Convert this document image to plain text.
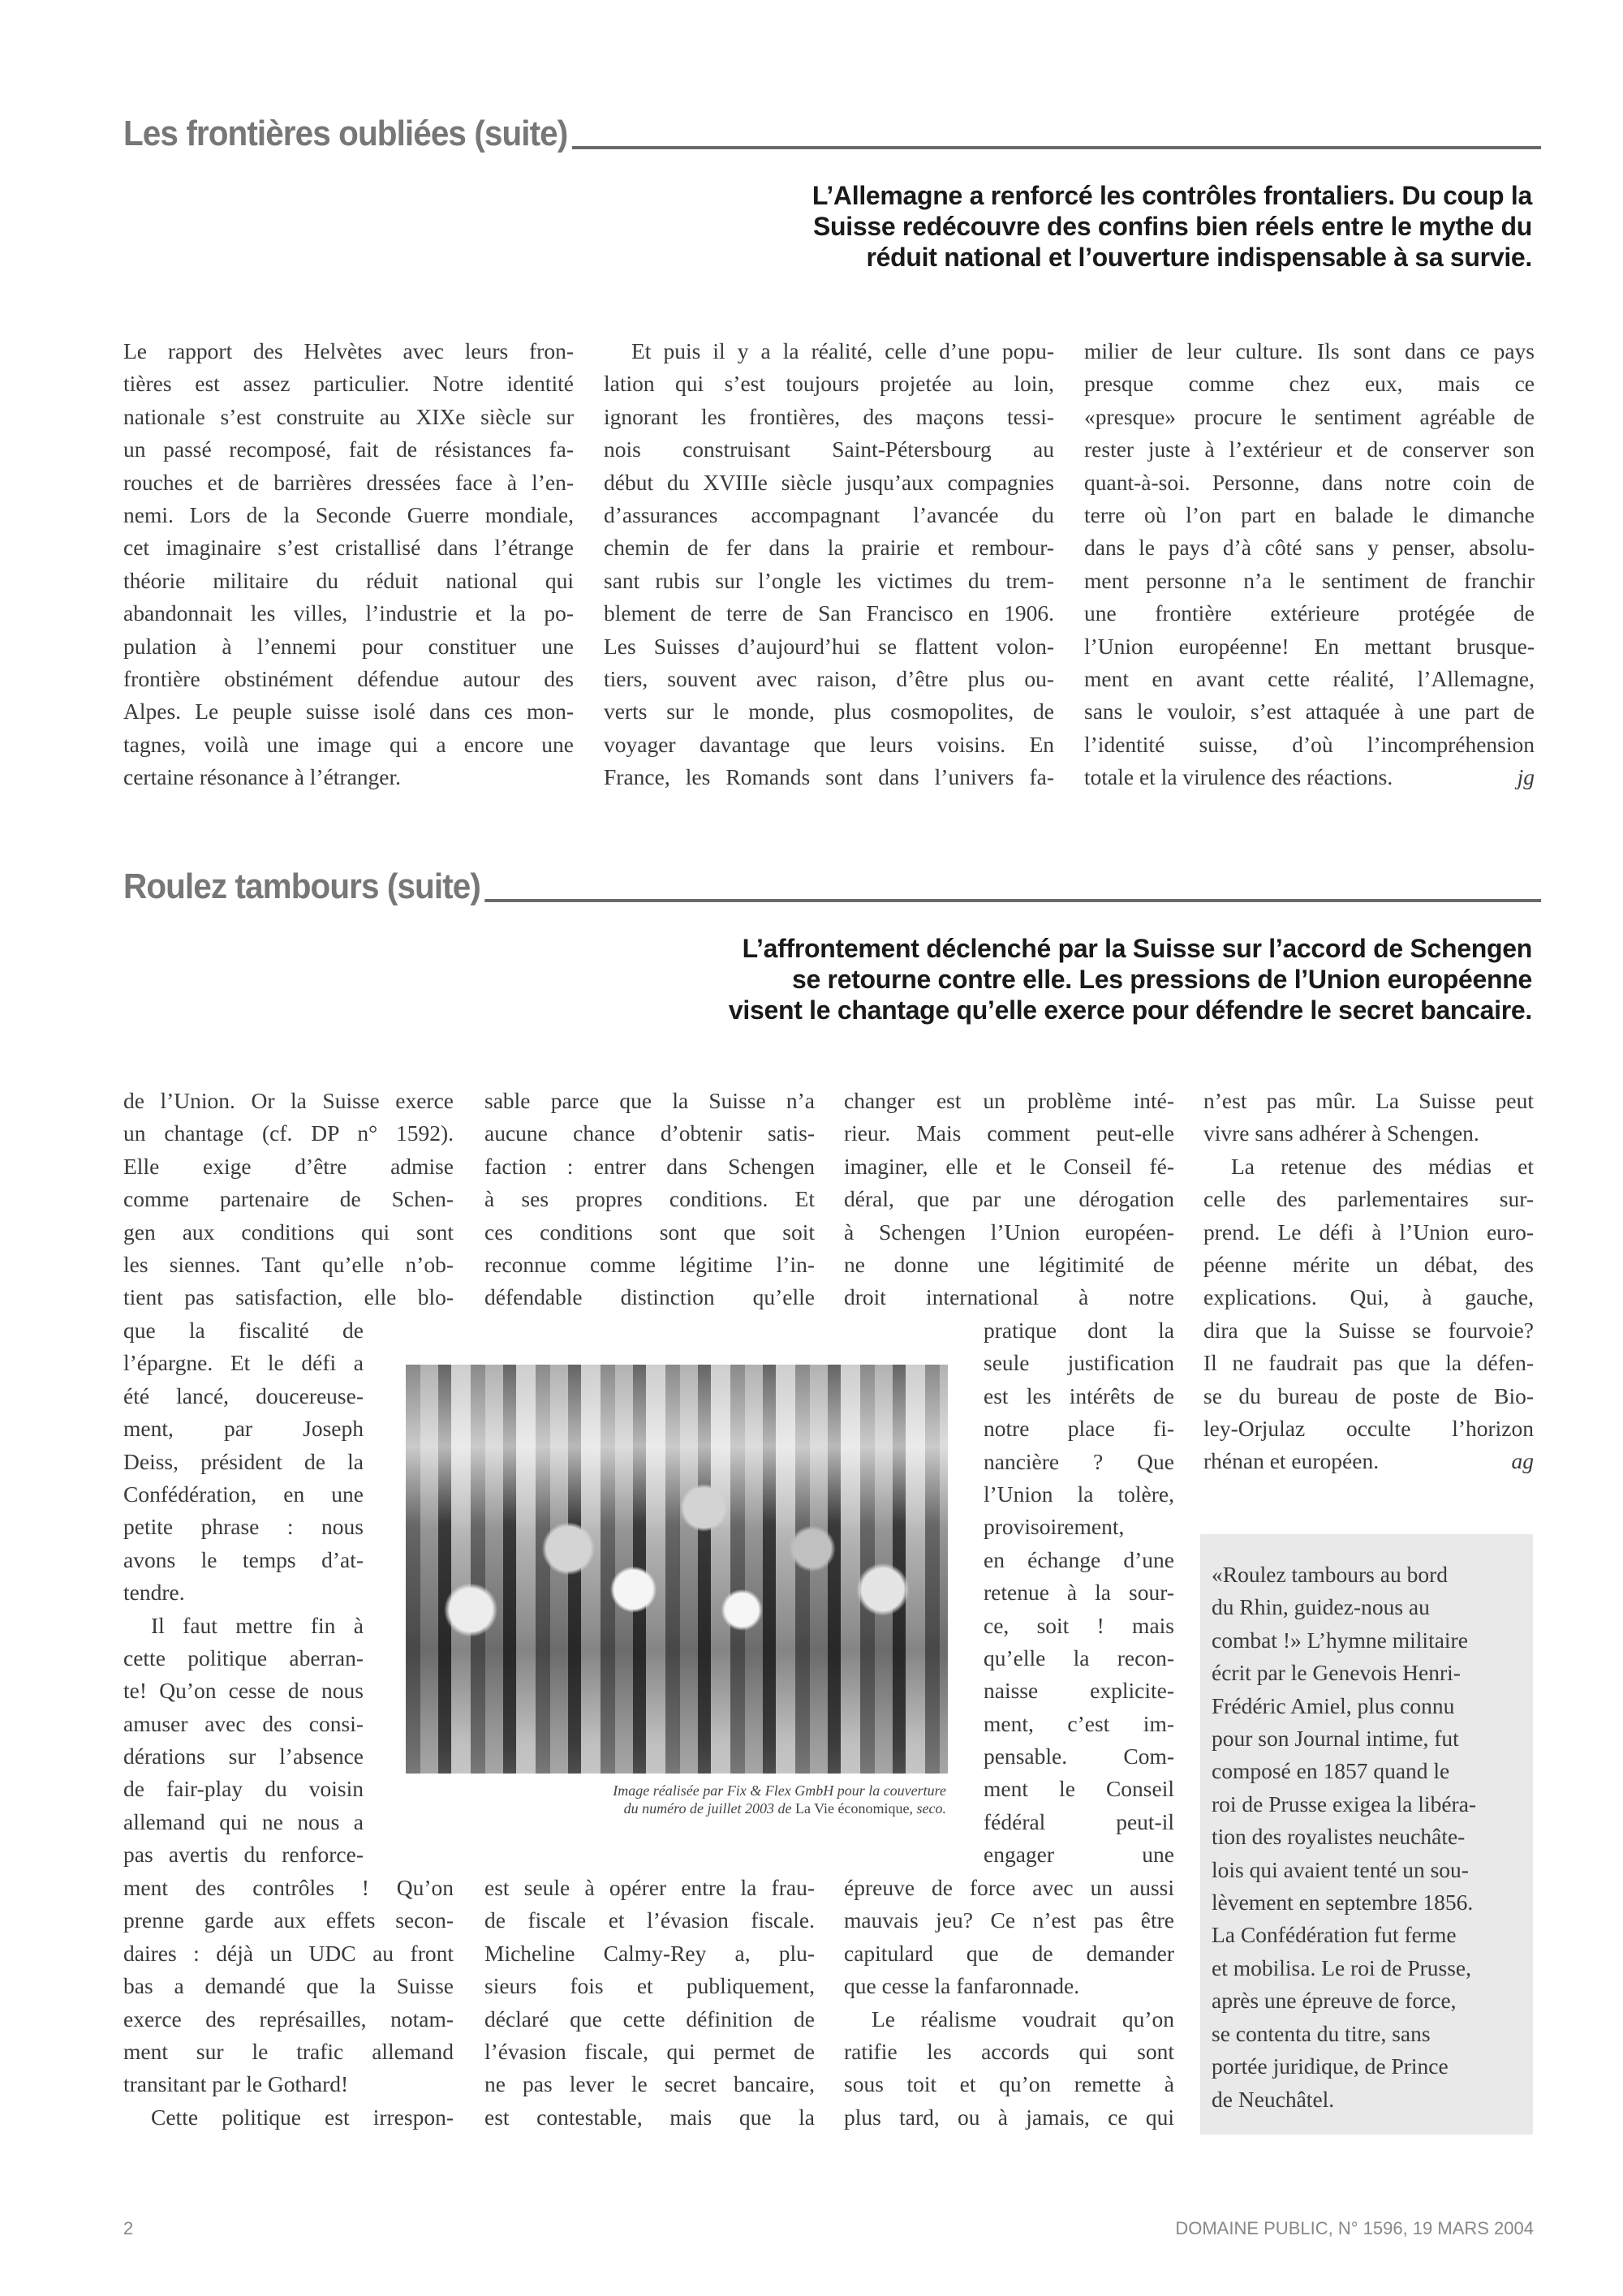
Les frontières oubliées (suite)
L’Allemagne a renforcé les contrôles frontaliers. Du coup la
Suisse redécouvre des confins bien réels entre le mythe du
réduit national et l’ouverture indispensable à sa survie.
Le rapport des Helvètes avec leurs fron-
tières est assez particulier. Notre identité
nationale s’est construite au XIXe siècle sur
un passé recomposé, fait de résistances fa-
rouches et de barrières dressées face à l’en-
nemi. Lors de la Seconde Guerre mondiale,
cet imaginaire s’est cristallisé dans l’étrange
théorie militaire du réduit national qui
abandonnait les villes, l’industrie et la po-
pulation à l’ennemi pour constituer une
frontière obstinément défendue autour des
Alpes. Le peuple suisse isolé dans ces mon-
tagnes, voilà une image qui a encore une
certaine résonance à l’étranger.
Et puis il y a la réalité, celle d’une popu-
lation qui s’est toujours projetée au loin,
ignorant les frontières, des maçons tessi-
nois construisant Saint-Pétersbourg au
début du XVIIIe siècle jusqu’aux compagnies
d’assurances accompagnant l’avancée du
chemin de fer dans la prairie et rembour-
sant rubis sur l’ongle les victimes du trem-
blement de terre de San Francisco en 1906.
Les Suisses d’aujourd’hui se flattent volon-
tiers, souvent avec raison, d’être plus ou-
verts sur le monde, plus cosmopolites, de
voyager davantage que leurs voisins. En
France, les Romands sont dans l’univers fa-
milier de leur culture. Ils sont dans ce pays
presque comme chez eux, mais ce
«presque» procure le sentiment agréable de
rester juste à l’extérieur et de conserver son
quant-à-soi. Personne, dans notre coin de
terre où l’on part en balade le dimanche
dans le pays d’à côté sans y penser, absolu-
ment personne n’a le sentiment de franchir
une frontière extérieure protégée de
l’Union européenne! En mettant brusque-
ment en avant cette réalité, l’Allemagne,
sans le vouloir, s’est attaquée à une part de
l’identité suisse, d’où l’incompréhension
totale et la virulence des réactions.	jg
Roulez tambours (suite)
L’affrontement déclenché par la Suisse sur l’accord de Schengen
se retourne contre elle. Les pressions de l’Union européenne
visent le chantage qu’elle exerce pour défendre le secret bancaire.
de l’Union. Or la Suisse exerce
un chantage (cf. DP n° 1592).
Elle exige d’être admise
comme partenaire de Schen-
gen aux conditions qui sont
les siennes. Tant qu’elle n’ob-
tient pas satisfaction, elle blo-
que la fiscalité de
l’épargne. Et le défi a
été lancé, doucereuse-
ment, par Joseph
Deiss, président de la
Confédération, en une
petite phrase : nous
avons le temps d’at-
tendre.
Il faut mettre fin à
cette politique aberran-
te! Qu’on cesse de nous
amuser avec des consi-
dérations sur l’absence
de fair-play du voisin
allemand qui ne nous a
pas avertis du renforce-
ment des contrôles ! Qu’on
prenne garde aux effets secon-
daires : déjà un UDC au front
bas a demandé que la Suisse
exerce des représailles, notam-
ment sur le trafic allemand
transitant par le Gothard!
Cette politique est irrespon-
sable parce que la Suisse n’a
aucune chance d’obtenir satis-
faction : entrer dans Schengen
à ses propres conditions. Et
ces conditions sont que soit
reconnue comme légitime l’in-
défendable distinction qu’elle
est seule à opérer entre la frau-
de fiscale et l’évasion fiscale.
Micheline Calmy-Rey a, plu-
sieurs fois et publiquement,
déclaré que cette définition de
l’évasion fiscale, qui permet de
ne pas lever le secret bancaire,
est contestable, mais que la
changer est un problème inté-
rieur. Mais comment peut-elle
imaginer, elle et le Conseil fé-
déral, que par une dérogation
à Schengen l’Union européen-
ne donne une légitimité de
droit international à notre
pratique dont la
seule justification
est les intérêts de
notre place fi-
nancière ? Que
l’Union la tolère,
provisoirement,
en échange d’une
retenue à la sour-
ce, soit ! mais
qu’elle la recon-
naisse explicite-
ment, c’est im-
pensable. Com-
ment le Conseil
fédéral peut-il
engager une
épreuve de force avec un aussi
mauvais jeu? Ce n’est pas être
capitulard que de demander
que cesse la fanfaronnade.
Le réalisme voudrait qu’on
ratifie les accords qui sont
sous toit et qu’on remette à
plus tard, ou à jamais, ce qui
n’est pas mûr. La Suisse peut
vivre sans adhérer à Schengen.
La retenue des médias et
celle des parlementaires sur-
prend. Le défi à l’Union euro-
péenne mérite un débat, des
explications. Qui, à gauche,
dira que la Suisse se fourvoie?
Il ne faudrait pas que la défen-
se du bureau de poste de Bio-
ley-Orjulaz occulte l’horizon
rhénan et européen.	ag
Image réalisée par Fix & Flex GmbH pour la couverture
du numéro de juillet 2003 de La Vie économique, seco.
«Roulez tambours au bord
du Rhin, guidez-nous au
combat !» L’hymne militaire
écrit par le Genevois Henri-
Frédéric Amiel, plus connu
pour son Journal intime, fut
composé en 1857 quand le
roi de Prusse exigea la libéra-
tion des royalistes neuchâte-
lois qui avaient tenté un sou-
lèvement en septembre 1856.
La Confédération fut ferme
et mobilisa. Le roi de Prusse,
après une épreuve de force,
se contenta du titre, sans
portée juridique, de Prince
de Neuchâtel.
2	DOMAINE PUBLIC, N° 1596, 19 MARS 2004
